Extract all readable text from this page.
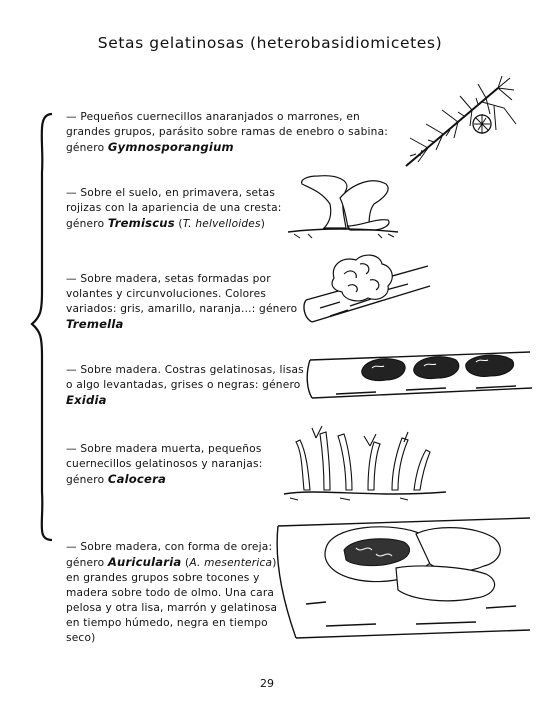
Setas gelatinosas (heterobasidiomicetes)
— Pequeños cuernecillos anaranjados o marrones, en
grandes grupos, parásito sobre ramas de enebro o sabina:
género Gymnosporangium
— Sobre el suelo, en primavera, setas
rojizas con la apariencia de una cresta:
género Tremiscus (T. helvelloides)
— Sobre madera, setas formadas por
volantes y circunvoluciones. Colores
variados: gris, amarillo, naranja...: género
Tremella
— Sobre madera. Costras gelatinosas, lisas
o algo levantadas, grises o negras: género
Exidia
— Sobre madera muerta, pequeños
cuernecillos gelatinosos y naranjas:
género Calocera
— Sobre madera, con forma de oreja:
género Auricularia (A. mesenterica)
en grandes grupos sobre tocones y
madera sobre todo de olmo. Una cara
pelosa y otra lisa, marrón y gelatinosa
en tiempo húmedo, negra en tiempo
seco)
29
